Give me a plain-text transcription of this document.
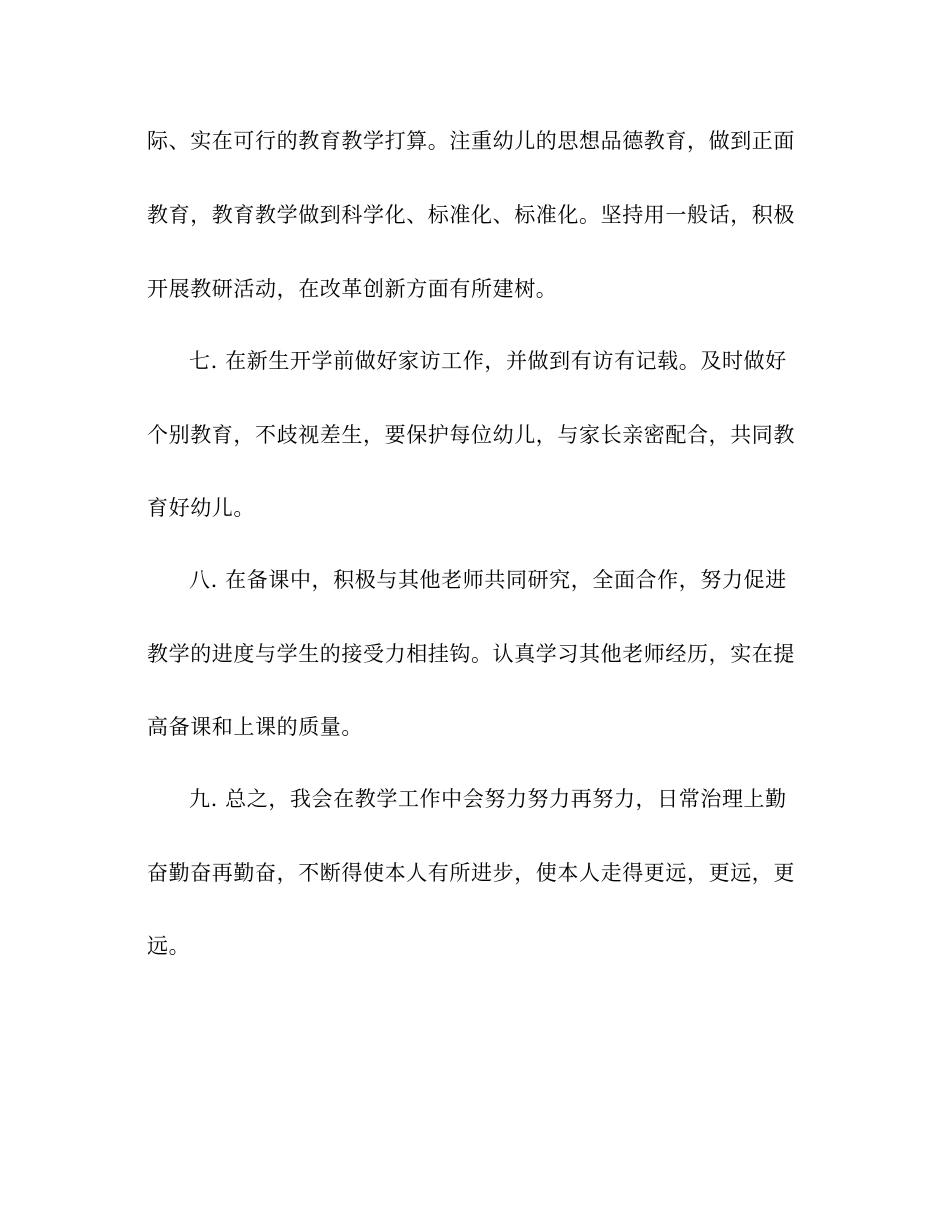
际、实在可行的教育教学打算。注重幼儿的思想品德教育，做到正面
教育，教育教学做到科学化、标准化、标准化。坚持用一般话，积极
开展教研活动，在改革创新方面有所建树。
七. 在新生开学前做好家访工作，并做到有访有记载。及时做好
个别教育，不歧视差生，要保护每位幼儿，与家长亲密配合，共同教
育好幼儿。
八. 在备课中，积极与其他老师共同研究，全面合作，努力促进
教学的进度与学生的接受力相挂钩。认真学习其他老师经历，实在提
高备课和上课的质量。
九. 总之，我会在教学工作中会努力努力再努力，日常治理上勤
奋勤奋再勤奋，不断得使本人有所进步，使本人走得更远，更远，更
远。
